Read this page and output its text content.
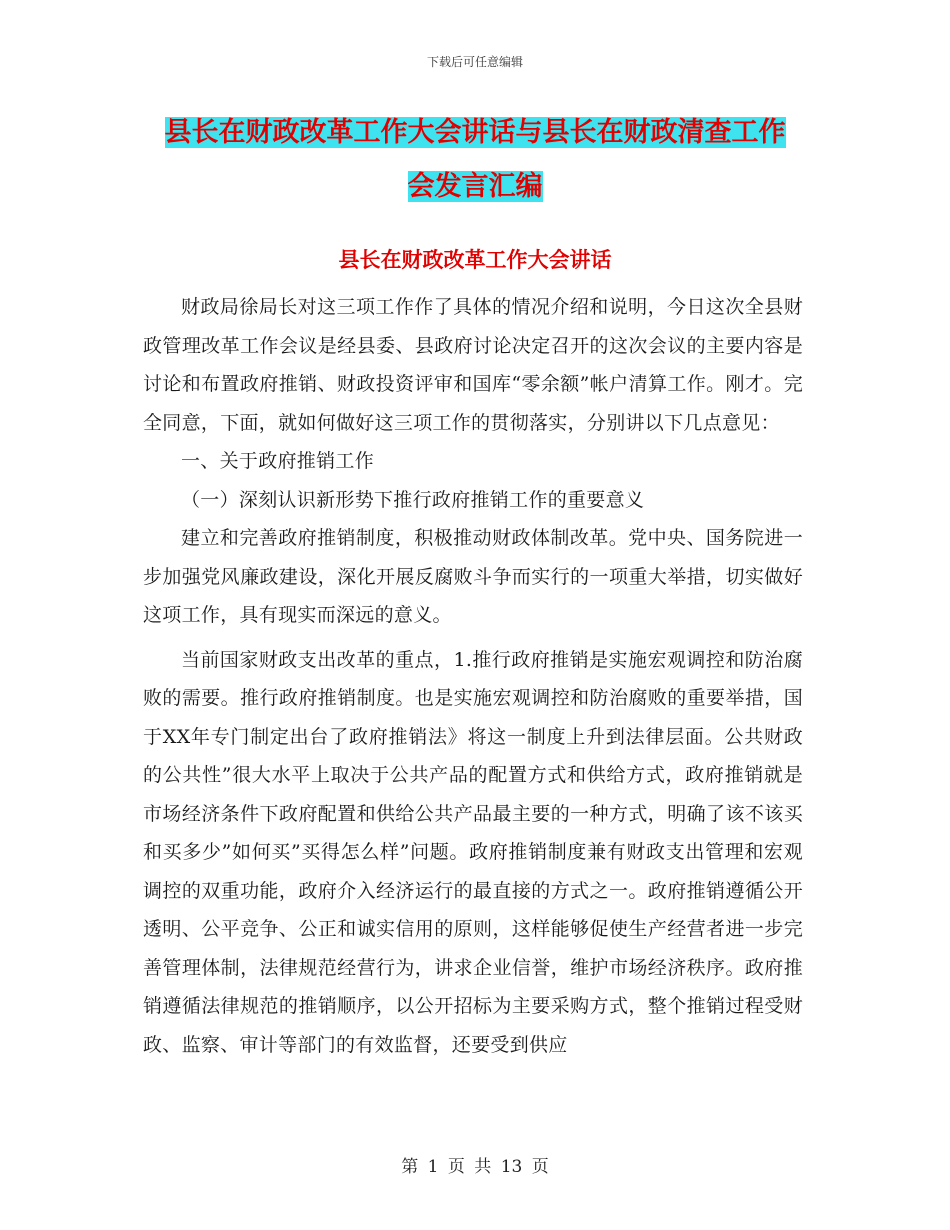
下载后可任意编辑
县长在财政改革工作大会讲话与县长在财政清查工作
会发言汇编
县长在财政改革工作大会讲话

财政局徐局长对这三项工作作了具体的情况介绍和说明，今日这次全县财政管理改革工作会议是经县委、县政府讨论决定召开的这次会议的主要内容是讨论和布置政府推销、财政投资评审和国库“零余额”帐户清算工作。刚才。完全同意，下面，就如何做好这三项工作的贯彻落实，分别讲以下几点意见：

一、关于政府推销工作

（一）深刻认识新形势下推行政府推销工作的重要意义

建立和完善政府推销制度，积极推动财政体制改革。党中央、国务院进一步加强党风廉政建设，深化开展反腐败斗争而实行的一项重大举措，切实做好这项工作，具有现实而深远的意义。

当前国家财政支出改革的重点，1.推行政府推销是实施宏观调控和防治腐败的需要。推行政府推销制度。也是实施宏观调控和防治腐败的重要举措，国于XX年专门制定出台了政府推销法》将这一制度上升到法律层面。公共财政的公共性”很大水平上取决于公共产品的配置方式和供给方式，政府推销就是市场经济条件下政府配置和供给公共产品最主要的一种方式，明确了该不该买和买多少”如何买”买得怎么样”问题。政府推销制度兼有财政支出管理和宏观调控的双重功能，政府介入经济运行的最直接的方式之一。政府推销遵循公开透明、公平竞争、公正和诚实信用的原则，这样能够促使生产经营者进一步完善管理体制，法律规范经营行为，讲求企业信誉，维护市场经济秩序。政府推销遵循法律规范的推销顺序，以公开招标为主要采购方式，整个推销过程受财政、监察、审计等部门的有效监督，还要受到供应

第 1 页 共 13 页
